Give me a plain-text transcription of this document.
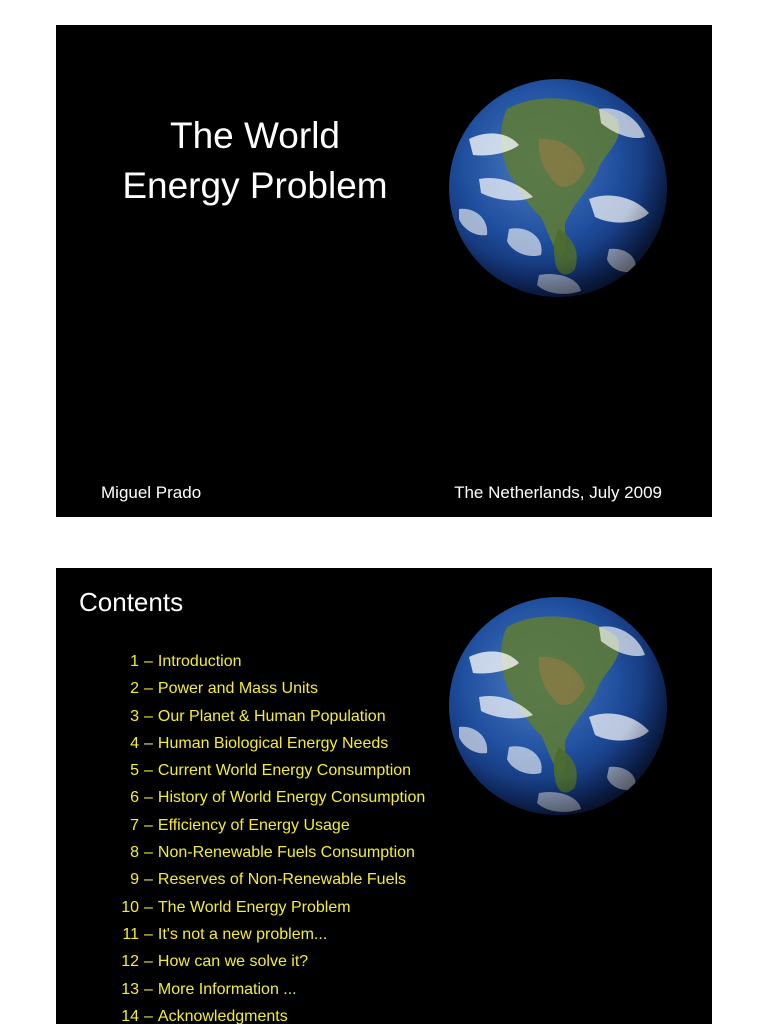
The World
Energy Problem
Miguel Prado	The Netherlands, July 2009
Contents
1 – Introduction
2 – Power and Mass Units
3 – Our Planet & Human Population
4 – Human Biological Energy Needs
5 – Current World Energy Consumption
6 – History of World Energy Consumption
7 – Efficiency of Energy Usage
8 – Non-Renewable Fuels Consumption
9 – Reserves of Non-Renewable Fuels
10 – The World Energy Problem
11 – It's not a new problem...
12 – How can we solve it?
13 – More Information ...
14 – Acknowledgments
